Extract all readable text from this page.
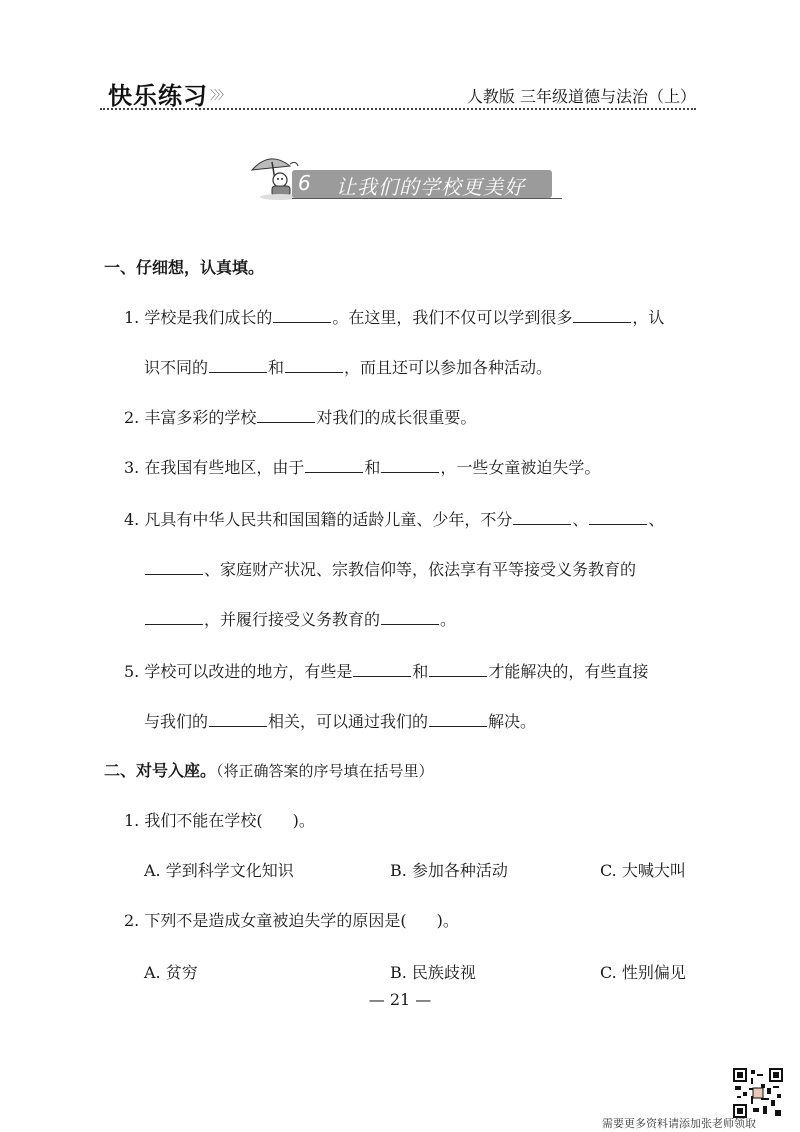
快乐练习 〉〉〉	人教版 三年级道德与法治（上）
6 让我们的学校更美好
一、仔细想，认真填。
1. 学校是我们成长的	。在这里，我们不仅可以学到很多	，认
识不同的	和	，而且还可以参加各种活动。
2. 丰富多彩的学校	对我们的成长很重要。
3. 在我国有些地区，由于	和	，一些女童被迫失学。
4. 凡具有中华人民共和国国籍的适龄儿童、少年，不分	、	、
、家庭财产状况、宗教信仰等，依法享有平等接受义务教育的
，并履行接受义务教育的	。
5. 学校可以改进的地方，有些是	和	才能解决的，有些直接
与我们的	相关，可以通过我们的	解决。
二、对号入座。（将正确答案的序号填在括号里）
1. 我们不能在学校( )。
A. 学到科学文化知识	B. 参加各种活动	C. 大喊大叫
2. 下列不是造成女童被迫失学的原因是( )。
A. 贫穷	B. 民族歧视	C. 性别偏见
— 21 —
需要更多资料请添加张老师领取
